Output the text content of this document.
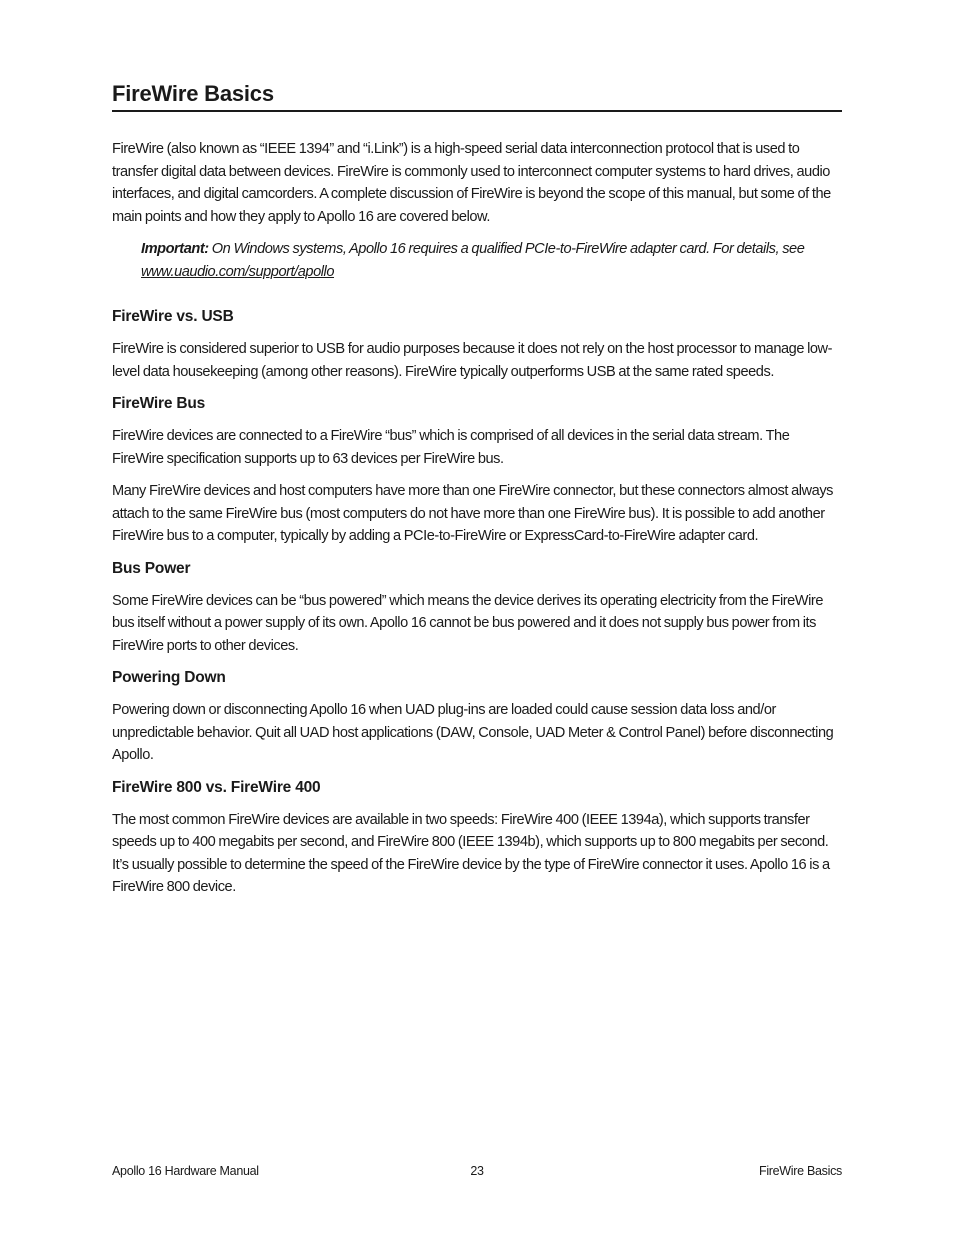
FireWire Basics

FireWire (also known as “IEEE 1394” and “i.Link”) is a high-speed serial data interconnection protocol that is used to transfer digital data between devices. FireWire is commonly used to interconnect computer systems to hard drives, audio interfaces, and digital camcorders. A complete discussion of FireWire is beyond the scope of this manual, but some of the main points and how they apply to Apollo 16 are covered below.

Important: On Windows systems, Apollo 16 requires a qualified PCIe-to-FireWire adapter card. For details, see www.uaudio.com/support/apollo

FireWire vs. USB

FireWire is considered superior to USB for audio purposes because it does not rely on the host processor to manage low-level data housekeeping (among other reasons). FireWire typically outperforms USB at the same rated speeds.

FireWire Bus

FireWire devices are connected to a FireWire “bus” which is comprised of all devices in the serial data stream. The FireWire specification supports up to 63 devices per FireWire bus.

Many FireWire devices and host computers have more than one FireWire connector, but these connectors almost always attach to the same FireWire bus (most computers do not have more than one FireWire bus). It is possible to add another FireWire bus to a computer, typically by adding a PCIe-to-FireWire or ExpressCard-to-FireWire adapter card.

Bus Power

Some FireWire devices can be “bus powered” which means the device derives its operating electricity from the FireWire bus itself without a power supply of its own. Apollo 16 cannot be bus powered and it does not supply bus power from its FireWire ports to other devices.

Powering Down

Powering down or disconnecting Apollo 16 when UAD plug-ins are loaded could cause session data loss and/or unpredictable behavior. Quit all UAD host applications (DAW, Console, UAD Meter & Control Panel) before disconnecting Apollo.

FireWire 800 vs. FireWire 400

The most common FireWire devices are available in two speeds: FireWire 400 (IEEE 1394a), which supports transfer speeds up to 400 megabits per second, and FireWire 800 (IEEE 1394b), which supports up to 800 megabits per second. It’s usually possible to determine the speed of the FireWire device by the type of FireWire connector it uses. Apollo 16 is a FireWire 800 device.

Apollo 16 Hardware Manual	23	FireWire Basics
